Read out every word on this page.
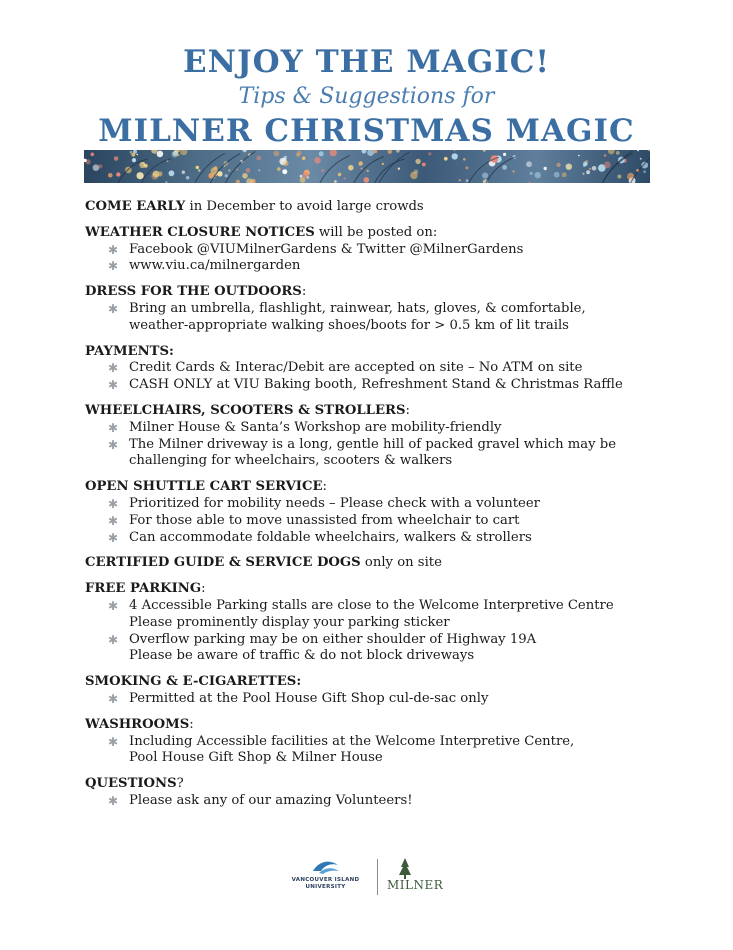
ENJOY THE MAGIC!
Tips & Suggestions for
MILNER CHRISTMAS MAGIC
COME EARLY in December to avoid large crowds
WEATHER CLOSURE NOTICES will be posted on:
✱ Facebook @VIUMilnerGardens & Twitter @MilnerGardens
✱ www.viu.ca/milnergarden
DRESS FOR THE OUTDOORS:
✱ Bring an umbrella, flashlight, rainwear, hats, gloves, & comfortable,
weather-appropriate walking shoes/boots for > 0.5 km of lit trails
PAYMENTS:
✱ Credit Cards & Interac/Debit are accepted on site – No ATM on site
✱ CASH ONLY at VIU Baking booth, Refreshment Stand & Christmas Raffle
WHEELCHAIRS, SCOOTERS & STROLLERS:
✱ Milner House & Santa’s Workshop are mobility-friendly
✱ The Milner driveway is a long, gentle hill of packed gravel which may be
challenging for wheelchairs, scooters & walkers
OPEN SHUTTLE CART SERVICE:
✱ Prioritized for mobility needs – Please check with a volunteer
✱ For those able to move unassisted from wheelchair to cart
✱ Can accommodate foldable wheelchairs, walkers & strollers
CERTIFIED GUIDE & SERVICE DOGS only on site
FREE PARKING:
✱ 4 Accessible Parking stalls are close to the Welcome Interpretive Centre
Please prominently display your parking sticker
✱ Overflow parking may be on either shoulder of Highway 19A
Please be aware of traffic & do not block driveways
SMOKING & E-CIGARETTES:
✱ Permitted at the Pool House Gift Shop cul-de-sac only
WASHROOMS:
✱ Including Accessible facilities at the Welcome Interpretive Centre,
Pool House Gift Shop & Milner House
QUESTIONS?
✱ Please ask any of our amazing Volunteers!
VANCOUVER ISLAND
UNIVERSITY	MILNER
